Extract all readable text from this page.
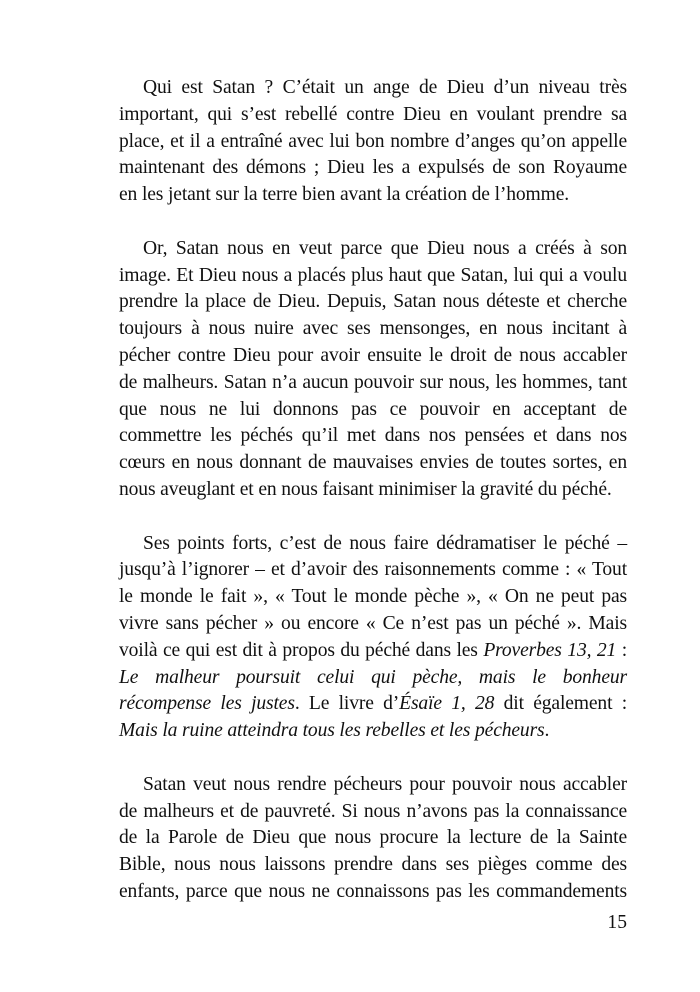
Qui est Satan ? C’était un ange de Dieu d’un niveau très
important, qui s’est rebellé contre Dieu en voulant prendre sa
place, et il a entraîné avec lui bon nombre d’anges qu’on appelle
maintenant des démons ; Dieu les a expulsés de son Royaume
en les jetant sur la terre bien avant la création de l’homme.

Or, Satan nous en veut parce que Dieu nous a créés à son
image. Et Dieu nous a placés plus haut que Satan, lui qui a voulu
prendre la place de Dieu. Depuis, Satan nous déteste et cherche
toujours à nous nuire avec ses mensonges, en nous incitant à
pécher contre Dieu pour avoir ensuite le droit de nous accabler
de malheurs. Satan n’a aucun pouvoir sur nous, les hommes, tant
que nous ne lui donnons pas ce pouvoir en acceptant de
commettre les péchés qu’il met dans nos pensées et dans nos
cœurs en nous donnant de mauvaises envies de toutes sortes, en
nous aveuglant et en nous faisant minimiser la gravité du péché.

Ses points forts, c’est de nous faire dédramatiser le péché –
jusqu’à l’ignorer – et d’avoir des raisonnements comme : « Tout
le monde le fait », « Tout le monde pèche », « On ne peut pas
vivre sans pécher » ou encore « Ce n’est pas un péché ». Mais
voilà ce qui est dit à propos du péché dans les Proverbes 13, 21 :
Le malheur poursuit celui qui pèche, mais le bonheur
récompense les justes. Le livre d’Ésaïe 1, 28 dit également :
Mais la ruine atteindra tous les rebelles et les pécheurs.

Satan veut nous rendre pécheurs pour pouvoir nous accabler
de malheurs et de pauvreté. Si nous n’avons pas la connaissance
de la Parole de Dieu que nous procure la lecture de la Sainte
Bible, nous nous laissons prendre dans ses pièges comme des
enfants, parce que nous ne connaissons pas les commandements

15
